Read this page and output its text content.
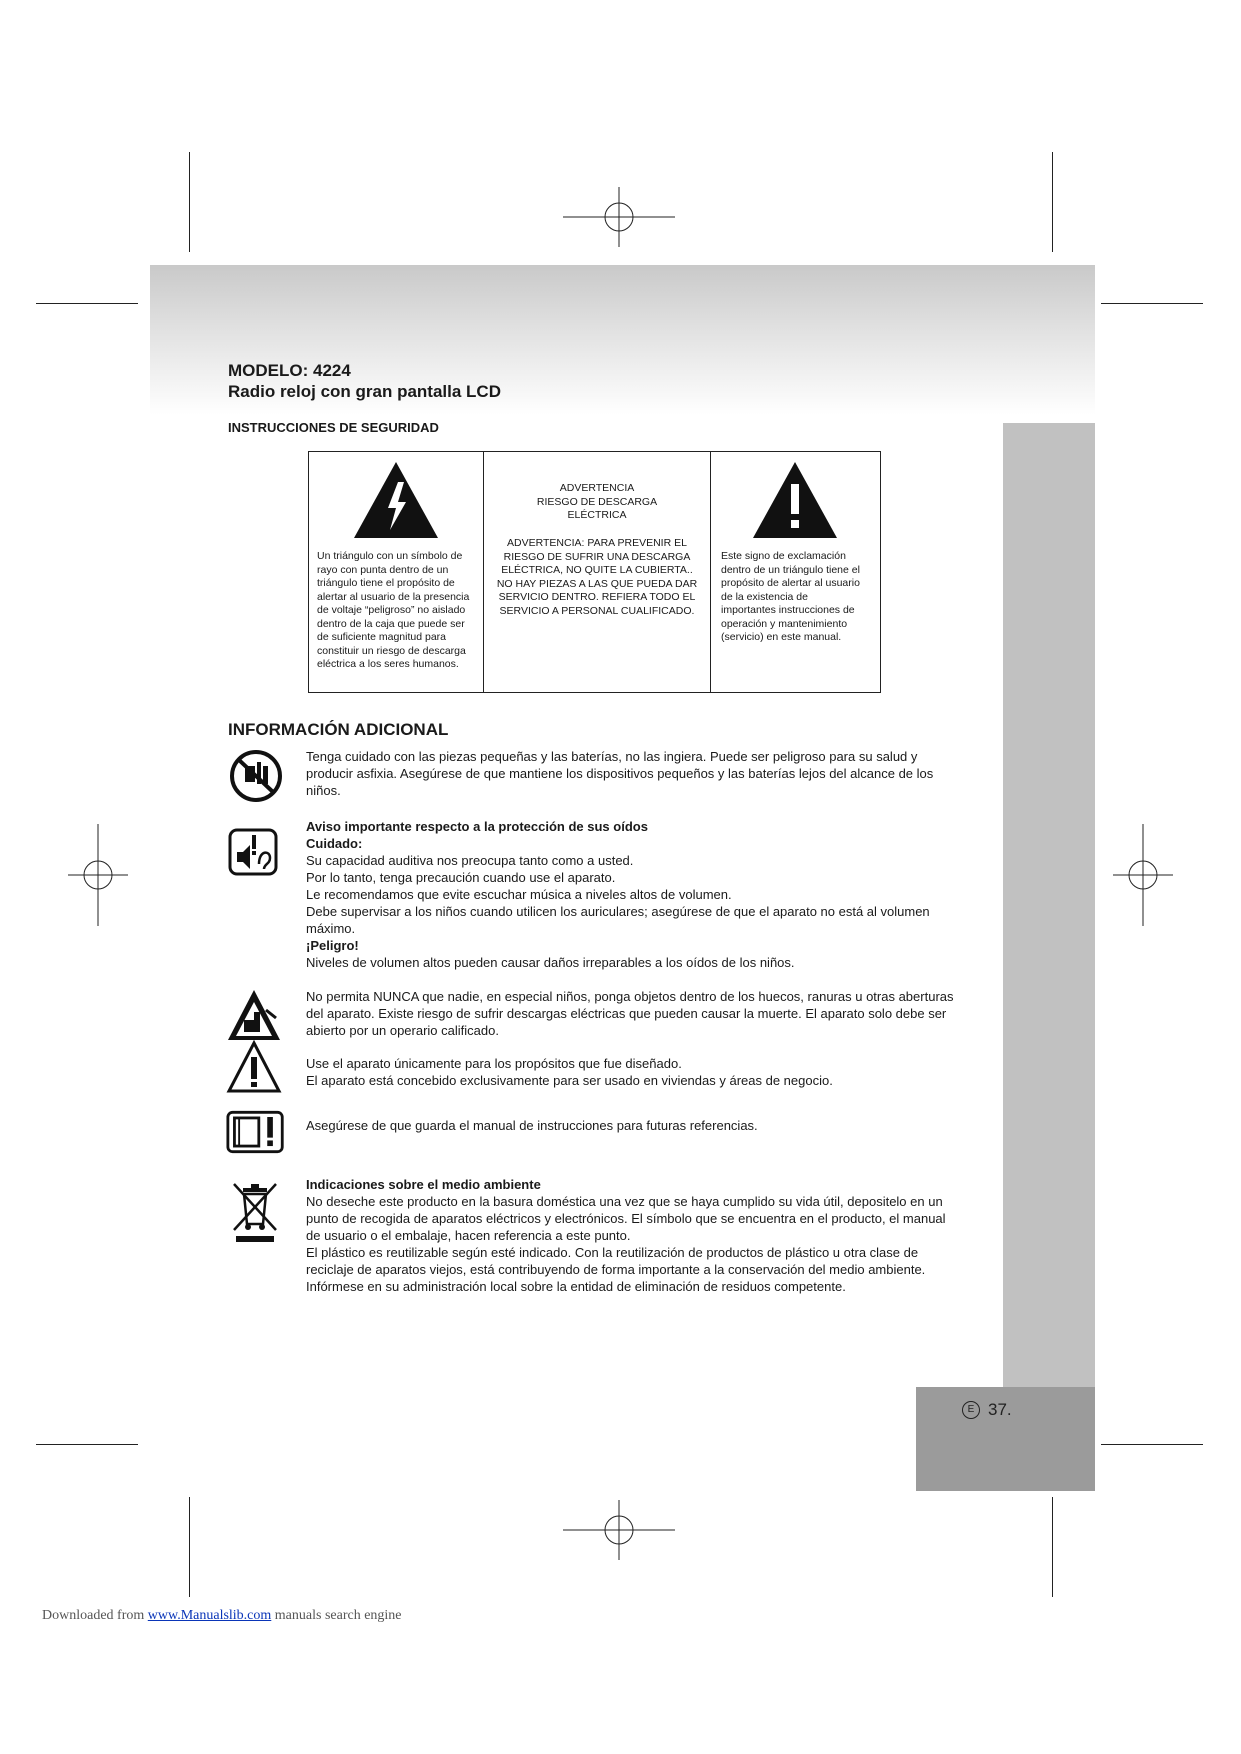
E 37.
MODELO: 4224
Radio reloj con gran pantalla LCD
INSTRUCCIONES DE SEGURIDAD
Un triángulo con un símbolo de rayo con punta dentro de un triángulo tiene el propósito de alertar al usuario de la presencia de voltaje “peligroso” no aislado dentro de la caja que puede ser de suficiente magnitud para constituir un riesgo de descarga eléctrica a los seres humanos.
ADVERTENCIA
RIESGO DE DESCARGA
ELÉCTRICA
ADVERTENCIA: PARA PREVENIR EL RIESGO DE SUFRIR UNA DESCARGA ELÉCTRICA, NO QUITE LA CUBIERTA.. NO HAY PIEZAS A LAS QUE PUEDA DAR SERVICIO DENTRO. REFIERA TODO EL SERVICIO A PERSONAL CUALIFICADO.
Este signo de exclamación dentro de un triángulo tiene el propósito de alertar al usuario de la existencia de importantes instrucciones de operación y mantenimiento (servicio) en este manual.
INFORMACIÓN ADICIONAL

Tenga cuidado con las piezas pequeñas y las baterías, no las ingiera. Puede ser peligroso para su salud y producir asfixia. Asegúrese de que mantiene los dispositivos pequeños y las baterías lejos del alcance de los niños.

Aviso importante respecto a la protección de sus oídos

Cuidado:

Su capacidad auditiva nos preocupa tanto como a usted.

Por lo tanto, tenga precaución cuando use el aparato.

Le recomendamos que evite escuchar música a niveles altos de volumen.

Debe supervisar a los niños cuando utilicen los auriculares; asegúrese de que el aparato no está al volumen máximo.

¡Peligro!

Niveles de volumen altos pueden causar daños irreparables a los oídos de los niños.

No permita NUNCA que nadie, en especial niños, ponga objetos dentro de los huecos, ranuras u otras aberturas del aparato. Existe riesgo de sufrir descargas eléctricas que pueden causar la muerte. El aparato solo debe ser abierto por un operario calificado.

Use el aparato únicamente para los propósitos que fue diseñado.

El aparato está concebido exclusivamente para ser usado en viviendas y áreas de negocio.

Asegúrese de que guarda el manual de instrucciones para futuras referencias.

Indicaciones sobre el medio ambiente

No deseche este producto en la basura doméstica una vez que se haya cumplido su vida útil, depositelo en un punto de recogida de aparatos eléctricos y electrónicos. El símbolo que se encuentra en el producto, el manual de usuario o el embalaje, hacen referencia a este punto.

El plástico es reutilizable según esté indicado. Con la reutilización de productos de plástico u otra clase de reciclaje de aparatos viejos, está contribuyendo de forma importante a la conservación del medio ambiente.

Infórmese en su administración local sobre la entidad de eliminación de residuos competente.

Downloaded from www.Manualslib.com manuals search engine
